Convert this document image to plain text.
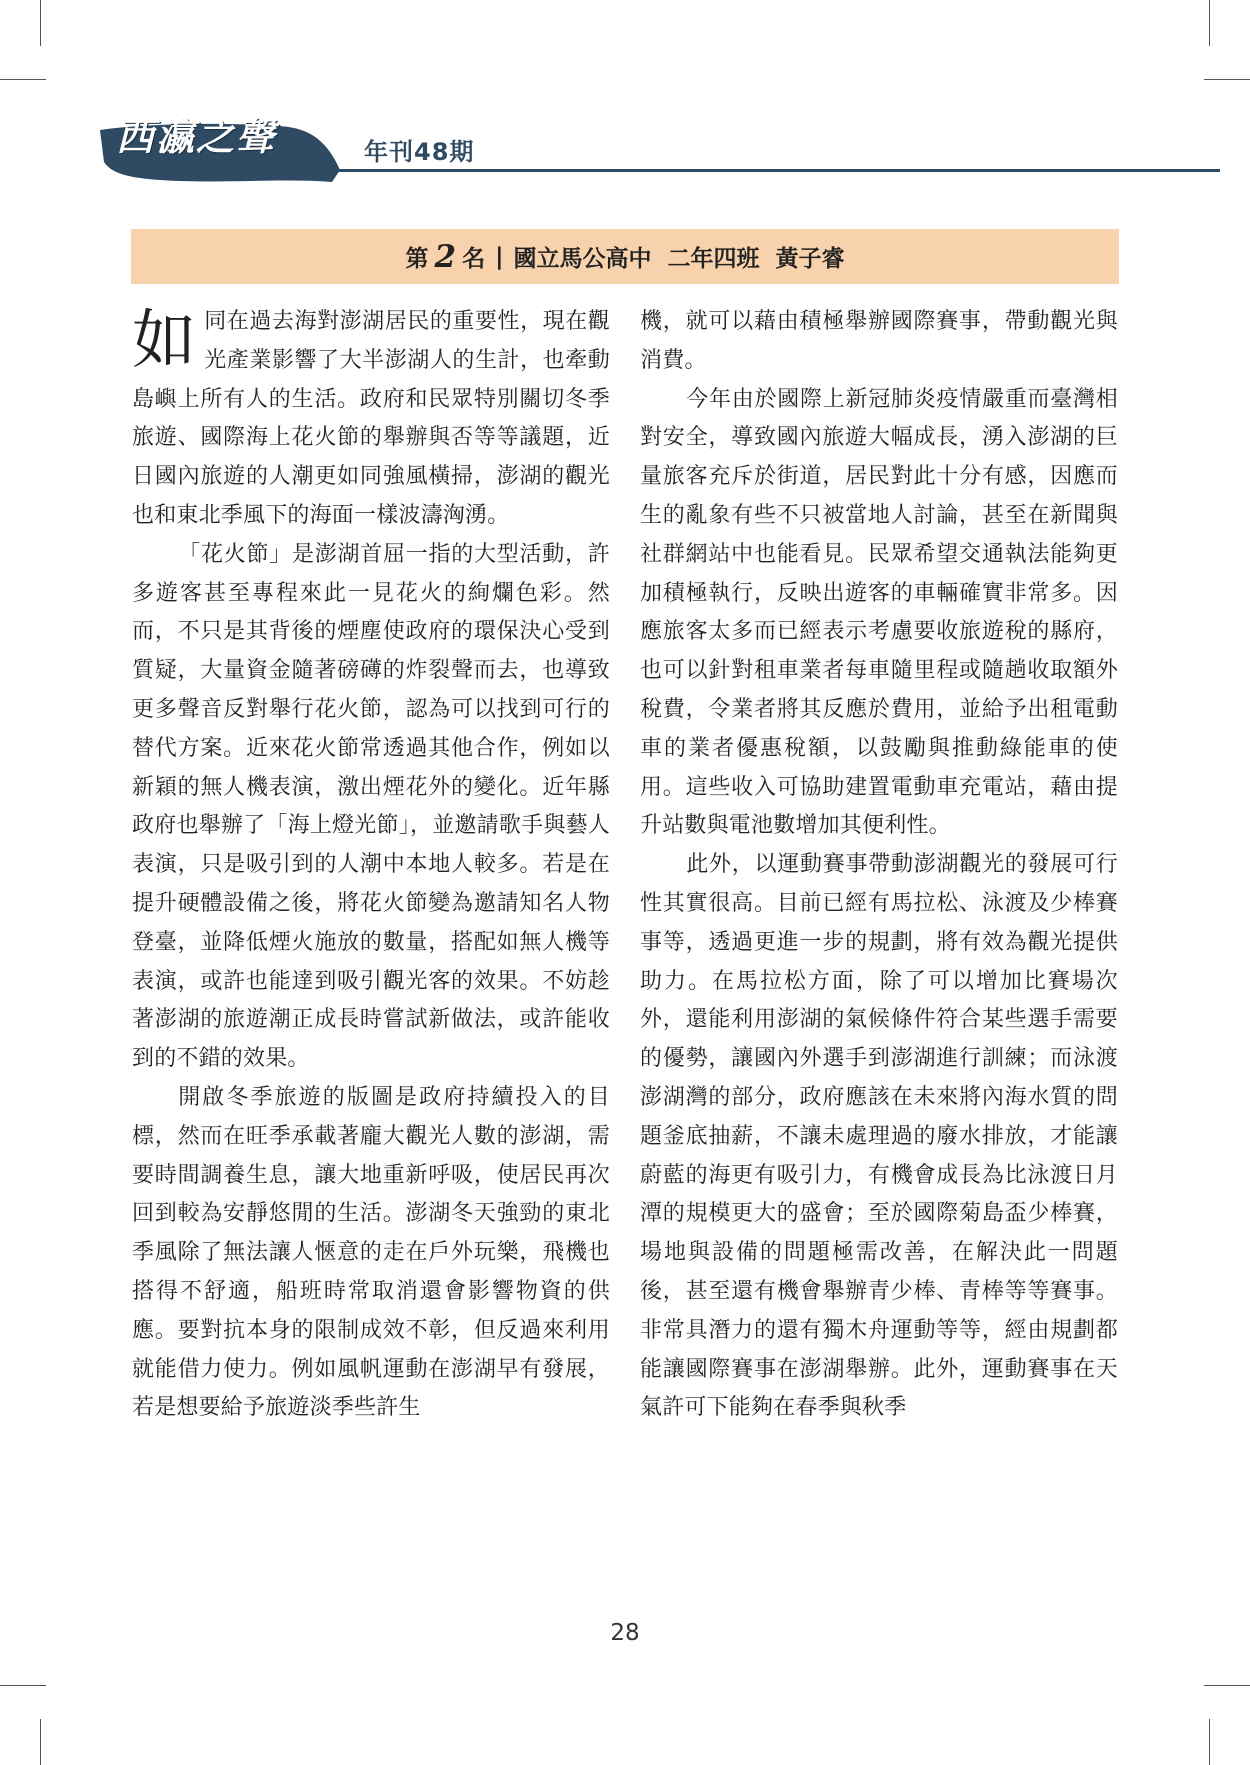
西瀛之聲	年刊48期
第 2 名 | 國立馬公高中 二年四班 黃子睿

如同在過去海對澎湖居民的重要性，現在觀光產業影響了大半澎湖人的生計，也牽動島嶼上所有人的生活。政府和民眾特別關切冬季旅遊、國際海上花火節的舉辦與否等等議題，近日國內旅遊的人潮更如同強風橫掃，澎湖的觀光也和東北季風下的海面一樣波濤洶湧。

「花火節」是澎湖首屈一指的大型活動，許多遊客甚至專程來此一見花火的絢爛色彩。然而，不只是其背後的煙塵使政府的環保決心受到質疑，大量資金隨著磅礡的炸裂聲而去，也導致更多聲音反對舉行花火節，認為可以找到可行的替代方案。近來花火節常透過其他合作，例如以新穎的無人機表演，激出煙花外的變化。近年縣政府也舉辦了「海上燈光節」，並邀請歌手與藝人表演，只是吸引到的人潮中本地人較多。若是在提升硬體設備之後，將花火節變為邀請知名人物登臺，並降低煙火施放的數量，搭配如無人機等表演，或許也能達到吸引觀光客的效果。不妨趁著澎湖的旅遊潮正成長時嘗試新做法，或許能收到的不錯的效果。

開啟冬季旅遊的版圖是政府持續投入的目標，然而在旺季承載著龐大觀光人數的澎湖，需要時間調養生息，讓大地重新呼吸，使居民再次回到較為安靜悠閒的生活。澎湖冬天強勁的東北季風除了無法讓人愜意的走在戶外玩樂，飛機也搭得不舒適，船班時常取消還會影響物資的供應。要對抗本身的限制成效不彰，但反過來利用就能借力使力。例如風帆運動在澎湖早有發展，若是想要給予旅遊淡季些許生

機，就可以藉由積極舉辦國際賽事，帶動觀光與消費。

今年由於國際上新冠肺炎疫情嚴重而臺灣相對安全，導致國內旅遊大幅成長，湧入澎湖的巨量旅客充斥於街道，居民對此十分有感，因應而生的亂象有些不只被當地人討論，甚至在新聞與社群網站中也能看見。民眾希望交通執法能夠更加積極執行，反映出遊客的車輛確實非常多。因應旅客太多而已經表示考慮要收旅遊稅的縣府，也可以針對租車業者每車隨里程或隨趟收取額外稅費，令業者將其反應於費用，並給予出租電動車的業者優惠稅額，以鼓勵與推動綠能車的使用。這些收入可協助建置電動車充電站，藉由提升站數與電池數增加其便利性。

此外，以運動賽事帶動澎湖觀光的發展可行性其實很高。目前已經有馬拉松、泳渡及少棒賽事等，透過更進一步的規劃，將有效為觀光提供助力。在馬拉松方面，除了可以增加比賽場次外，還能利用澎湖的氣候條件符合某些選手需要的優勢，讓國內外選手到澎湖進行訓練；而泳渡澎湖灣的部分，政府應該在未來將內海水質的問題釜底抽薪，不讓未處理過的廢水排放，才能讓蔚藍的海更有吸引力，有機會成長為比泳渡日月潭的規模更大的盛會；至於國際菊島盃少棒賽，場地與設備的問題極需改善，在解決此一問題後，甚至還有機會舉辦青少棒、青棒等等賽事。非常具潛力的還有獨木舟運動等等，經由規劃都能讓國際賽事在澎湖舉辦。此外，運動賽事在天氣許可下能夠在春季與秋季

28
